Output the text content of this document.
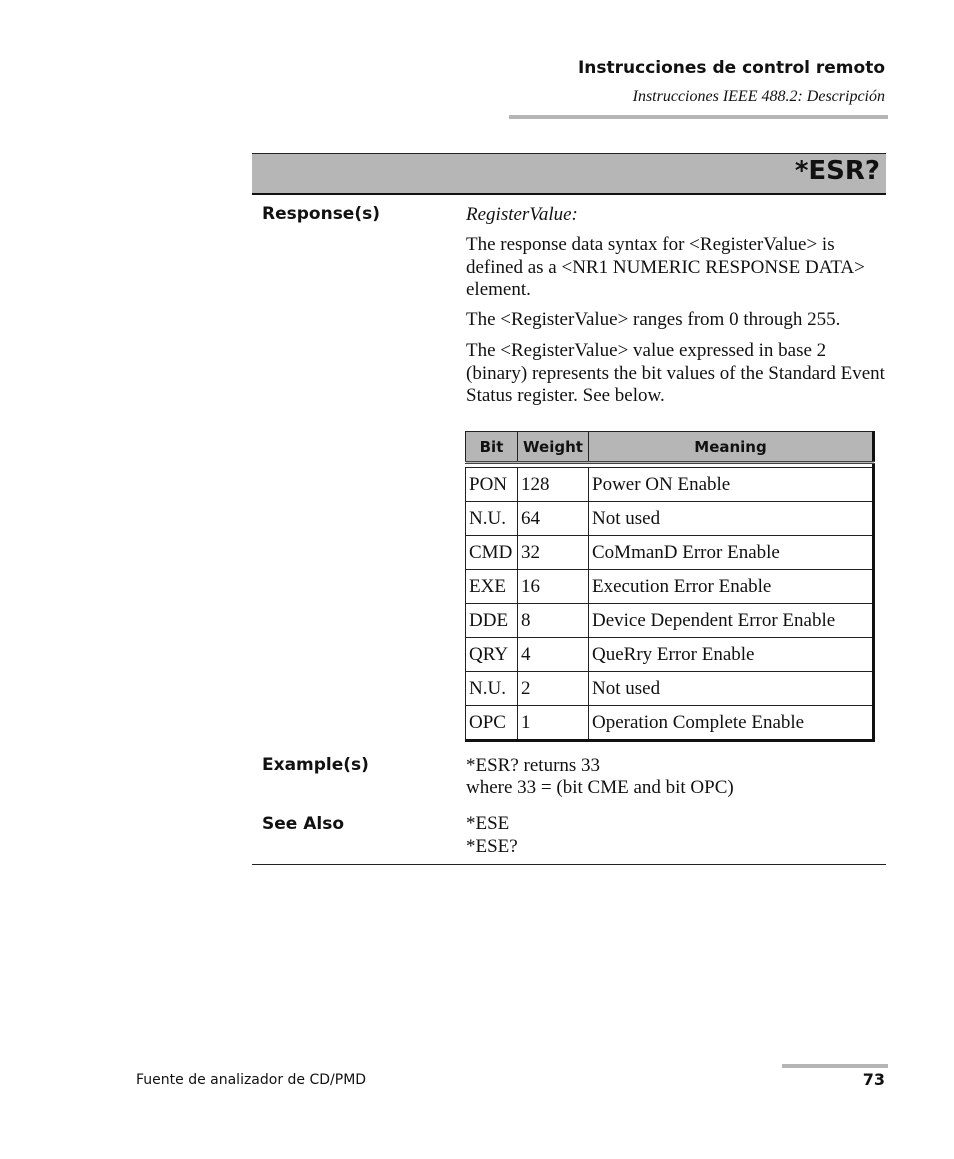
Instrucciones de control remoto
Instrucciones IEEE 488.2: Descripción
*ESR?
Response(s)	RegisterValue:

The response data syntax for <RegisterValue> is defined as a <NR1 NUMERIC RESPONSE DATA> element.

The <RegisterValue> ranges from 0 through 255.

The <RegisterValue> value expressed in base 2 (binary) represents the bit values of the Standard Event Status register. See below.

Bit	Weight	Meaning

PON	128	Power ON Enable
N.U.	64	Not used
CMD	32	CoMmanD Error Enable
EXE	16	Execution Error Enable
DDE	8	Device Dependent Error Enable
QRY	4	QueRry Error Enable
N.U.	2	Not used
OPC	1	Operation Complete Enable
Example(s)	*ESR? returns 33

where 33 = (bit CME and bit OPC)

See Also	*ESE

*ESE?

Fuente de analizador de CD/PMD	73
